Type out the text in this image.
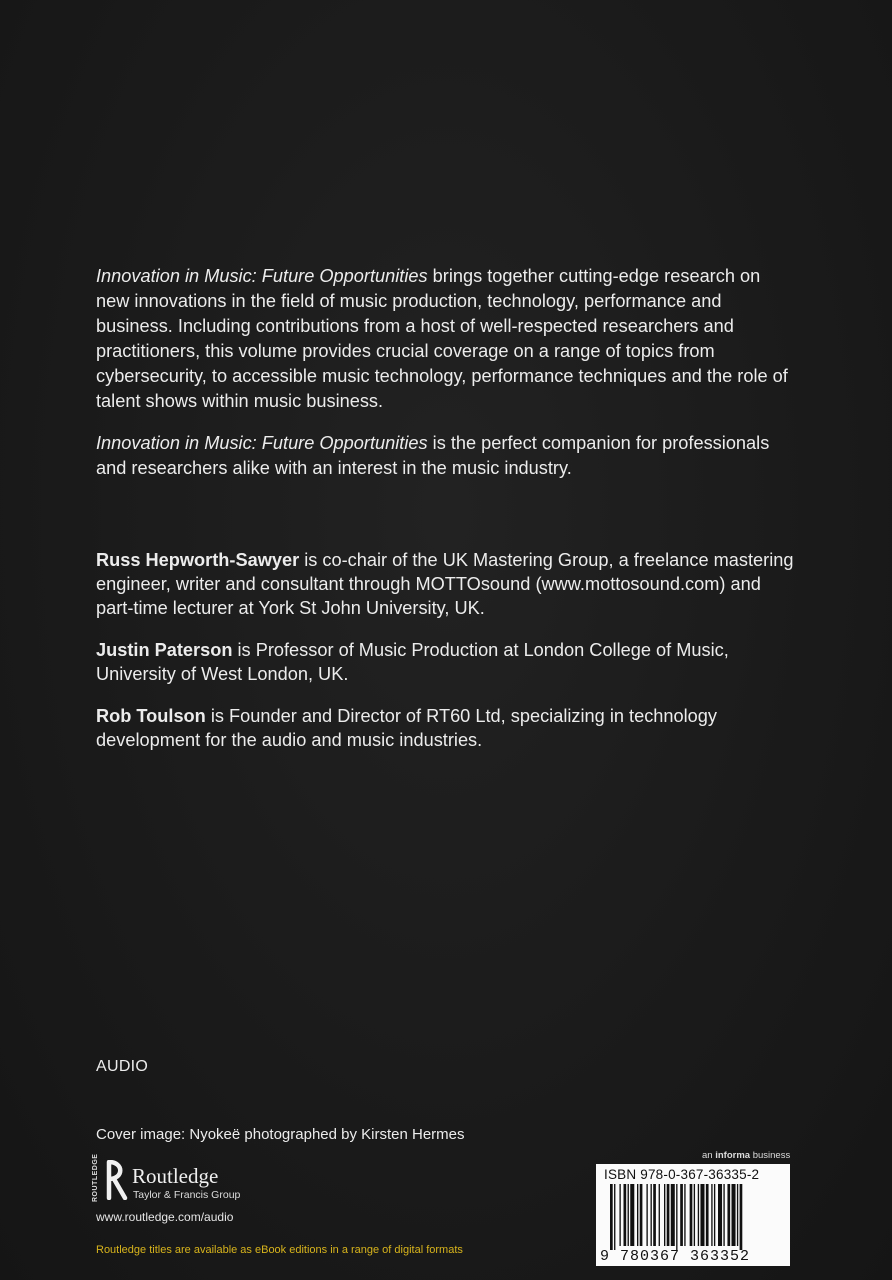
Innovation in Music: Future Opportunities brings together cutting-edge research on new innovations in the field of music production, technology, performance and business. Including contributions from a host of well-respected researchers and practitioners, this volume provides crucial coverage on a range of topics from cybersecurity, to accessible music technology, performance techniques and the role of talent shows within music business.

Innovation in Music: Future Opportunities is the perfect companion for professionals and researchers alike with an interest in the music industry.

Russ Hepworth-Sawyer is co-chair of the UK Mastering Group, a freelance mastering engineer, writer and consultant through MOTTOsound (www.mottosound.com) and part-time lecturer at York St John University, UK.

Justin Paterson is Professor of Music Production at London College of Music, University of West London, UK.

Rob Toulson is Founder and Director of RT60 Ltd, specializing in technology development for the audio and music industries.

AUDIO
Cover image: Nyokeë photographed by Kirsten Hermes
ROUTLEDGE Routledge
Taylor & Francis Group
www.routledge.com/audio
Routledge titles are available as eBook editions in a range of digital formats
an informa business
ISBN 978-0-367-36335-2
9 780367 363352
